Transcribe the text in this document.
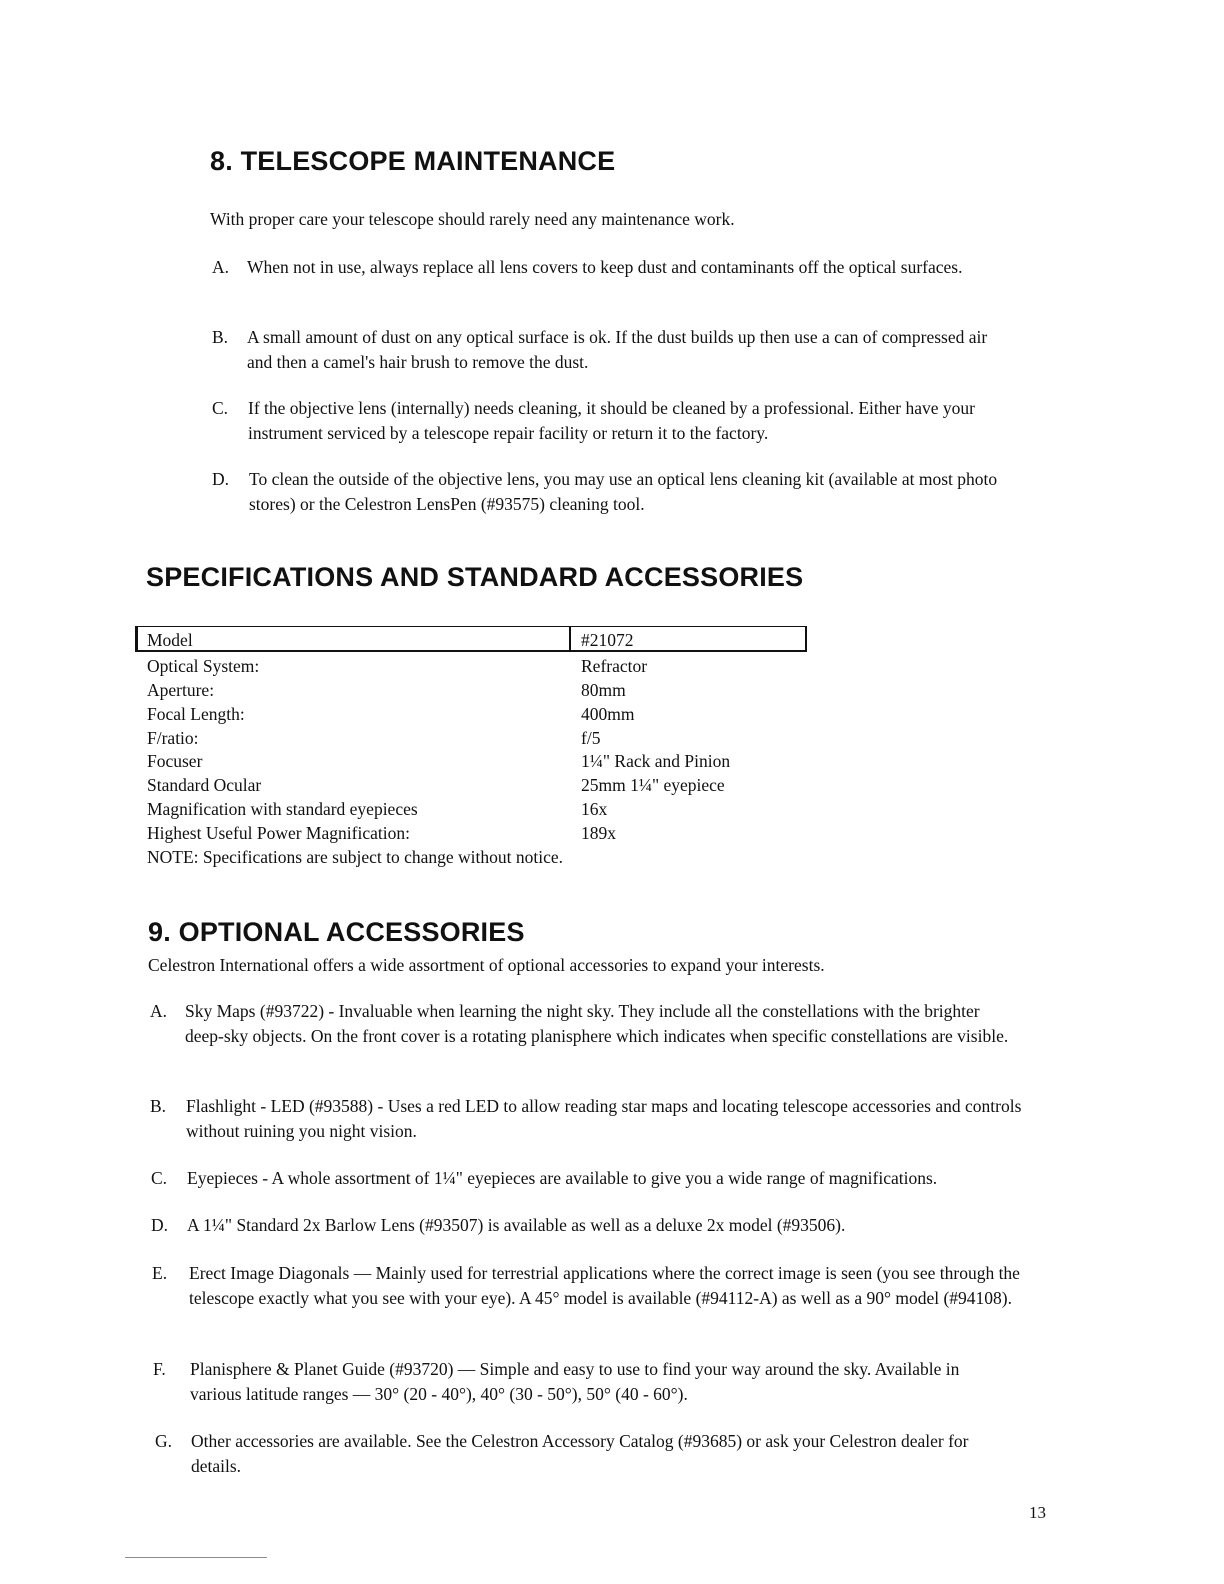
8. TELESCOPE MAINTENANCE

With proper care your telescope should rarely need any maintenance work.

A. When not in use, always replace all lens covers to keep dust and contaminants off the optical surfaces.
B. A small amount of dust on any optical surface is ok. If the dust builds up then use a can of compressed air and then a camel's hair brush to remove the dust.
C. If the objective lens (internally) needs cleaning, it should be cleaned by a professional. Either have your instrument serviced by a telescope repair facility or return it to the factory.
D. To clean the outside of the objective lens, you may use an optical lens cleaning kit (available at most photo stores) or the Celestron LensPen (#93575) cleaning tool.
SPECIFICATIONS AND STANDARD ACCESSORIES
Model	#21072
Optical System:	Refractor
Aperture:	80mm
Focal Length:	400mm
F/ratio:	f/5
Focuser	1¼" Rack and Pinion
Standard Ocular	25mm 1¼" eyepiece
Magnification with standard eyepieces	16x
Highest Useful Power Magnification:	189x
NOTE: Specifications are subject to change without notice.
9. OPTIONAL ACCESSORIES

Celestron International offers a wide assortment of optional accessories to expand your interests.

A. Sky Maps (#93722) - Invaluable when learning the night sky. They include all the constellations with the brighter deep-sky objects. On the front cover is a rotating planisphere which indicates when specific constellations are visible.
B. Flashlight - LED (#93588) - Uses a red LED to allow reading star maps and locating telescope accessories and controls without ruining you night vision.
C. Eyepieces - A whole assortment of 1¼" eyepieces are available to give you a wide range of magnifications.
D. A 1¼" Standard 2x Barlow Lens (#93507) is available as well as a deluxe 2x model (#93506).
E. Erect Image Diagonals — Mainly used for terrestrial applications where the correct image is seen (you see through the telescope exactly what you see with your eye). A 45° model is available (#94112-A) as well as a 90° model (#94108).
F. Planisphere & Planet Guide (#93720) — Simple and easy to use to find your way around the sky. Available in various latitude ranges — 30° (20 - 40°), 40° (30 - 50°), 50° (40 - 60°).
G. Other accessories are available. See the Celestron Accessory Catalog (#93685) or ask your Celestron dealer for details.
13
